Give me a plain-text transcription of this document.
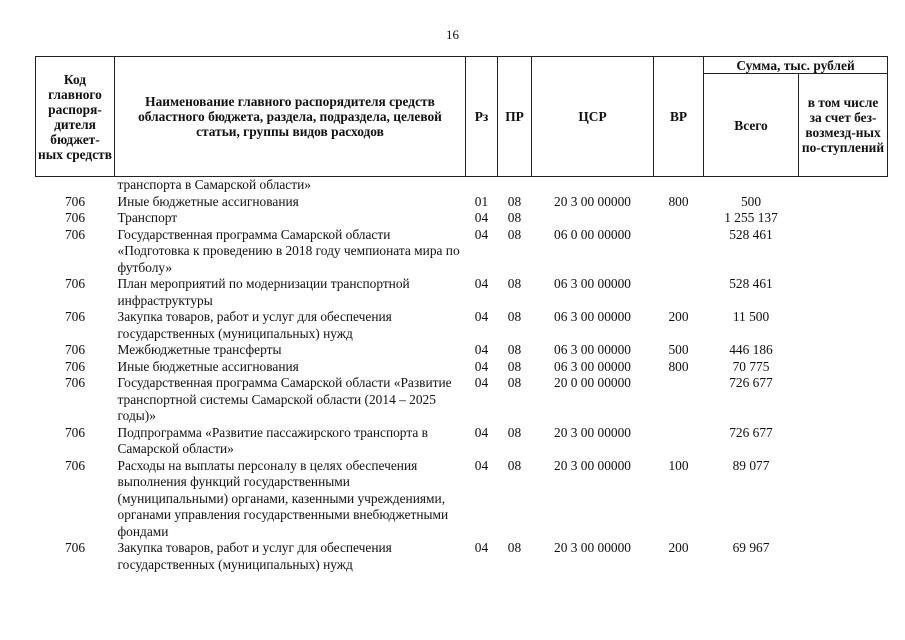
16
Код главного распоря-дителя бюджет-ных средств	Наименование главного распорядителя средств областного бюджета, раздела, подраздела, целевой статьи, группы видов расходов	Рз	ПР	ЦСР	ВР	Сумма, тыс. рублей	
						Всего	в том числе за счет без-возмезд-ных по-ступлений
	транспорта в Самарской области»						
706	Иные бюджетные ассигнования	01	08	20 3 00 00000	800	500	
706	Транспорт	04	08			1 255 137	
706	Государственная программа Самарской области «Подготовка к проведению в 2018 году чемпионата мира по футболу»	04	08	06 0 00 00000		528 461	
706	План мероприятий по модернизации транспортной инфраструктуры	04	08	06 3 00 00000		528 461	
706	Закупка товаров, работ и услуг для обеспечения государственных (муниципальных) нужд	04	08	06 3 00 00000	200	11 500	
706	Межбюджетные трансферты	04	08	06 3 00 00000	500	446 186	
706	Иные бюджетные ассигнования	04	08	06 3 00 00000	800	70 775	
706	Государственная программа Самарской области «Развитие транспортной системы Самарской области (2014 – 2025 годы)»	04	08	20 0 00 00000		726 677	
706	Подпрограмма «Развитие пассажирского транспорта в Самарской области»	04	08	20 3 00 00000		726 677	
706	Расходы на выплаты персоналу в целях обеспечения выполнения функций государственными (муниципальными) органами, казенными учреждениями, органами управления государственными внебюджетными фондами	04	08	20 3 00 00000	100	89 077	
706	Закупка товаров, работ и услуг для обеспечения государственных (муниципальных) нужд	04	08	20 3 00 00000	200	69 967	
